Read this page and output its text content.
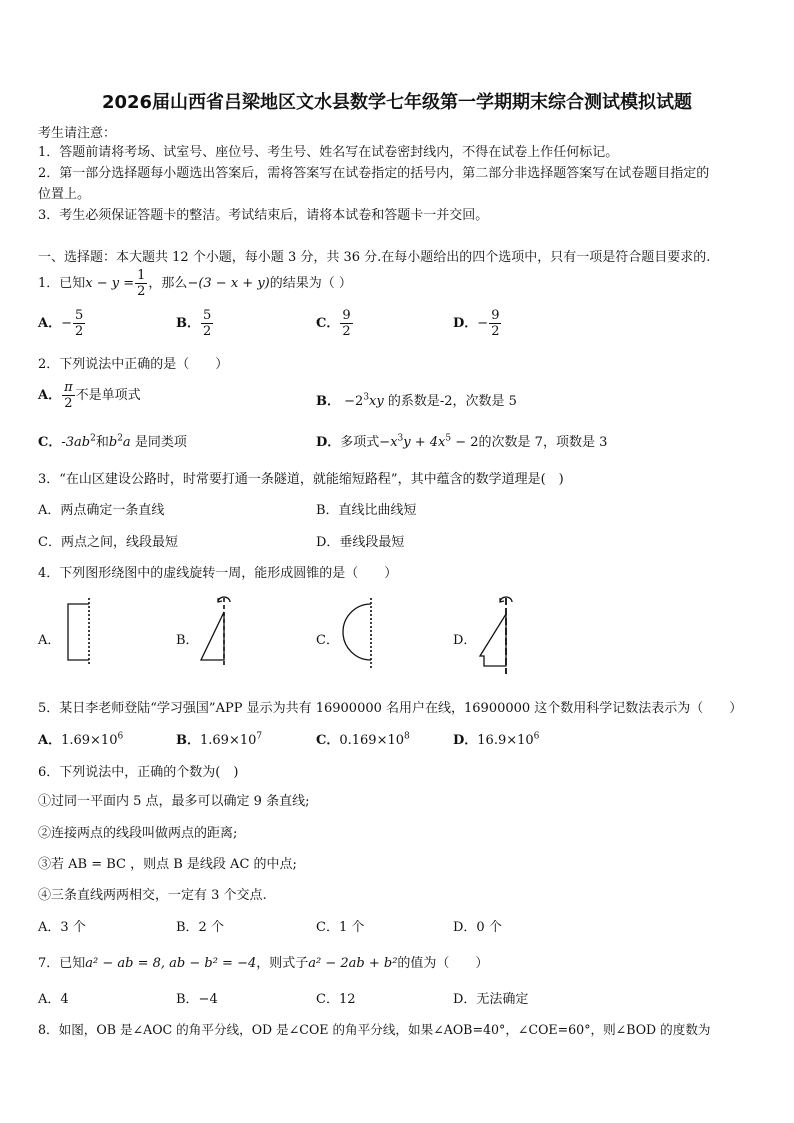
2026届山西省吕梁地区文水县数学七年级第一学期期末综合测试模拟试题
考生请注意：
1．答题前请将考场、试室号、座位号、考生号、姓名写在试卷密封线内，不得在试卷上作任何标记。
2．第一部分选择题每小题选出答案后，需将答案写在试卷指定的括号内，第二部分非选择题答案写在试卷题目指定的
位置上。
3．考生必须保证答题卡的整洁。考试结束后，请将本试卷和答题卡一并交回。
一、选择题：本大题共 12 个小题，每小题 3 分，共 36 分.在每小题给出的四个选项中，只有一项是符合题目要求的.
1．已知$x - y = \frac{1}{2}$ ，那么−(3 − x + y)的结果为（ ）
A．− $\frac{5}{2}$	B． $\frac{5}{2}$	C． $\frac{9}{2}$	D．− $\frac{9}{2}$
2．下列说法中正确的是（　　）
A． $\frac{\pi}{2}$ 不是单项式	B． $-2^3xy$ 的系数是-2，次数是 5
C．$-3ab^2$和$b^2a$ 是同类项	D．多项式$-x^3y + 4x^5 - 2$的次数是 7，项数是 3
3．“在山区建设公路时，时常要打通一条隧道，就能缩短路程”，其中蕴含的数学道理是(　)
A．两点确定一条直线	B．直线比曲线短
C．两点之间，线段最短	D．垂线段最短
4．下列图形绕图中的虚线旋转一周，能形成圆锥的是（　　）
A．	B．	C．	D．
5．某日李老师登陆“学习强国”APP 显示为共有 16900000 名用户在线，16900000 这个数用科学记数法表示为（　　）
A．$1.69\times 10^6$	B．$1.69\times 10^7$	C．$0.169\times 10^8$	D．$16.9\times 10^6$
6．下列说法中，正确的个数为(　)
①过同一平面内 5 点，最多可以确定 9 条直线;
②连接两点的线段叫做两点的距离;
③若 AB = BC ，则点 B 是线段 AC 的中点;
④三条直线两两相交，一定有 3 个交点.
A．3 个	B．2 个	C．1 个	D．0 个
7．已知a² − ab = 8, ab − b² = −4，则式子a² − 2ab + b²的值为（　　）
A．4	B．−4	C．12	D．无法确定
8．如图，OB 是∠AOC 的角平分线，OD 是∠COE 的角平分线，如果∠AOB=40°，∠COE=60°，则∠BOD 的度数为
